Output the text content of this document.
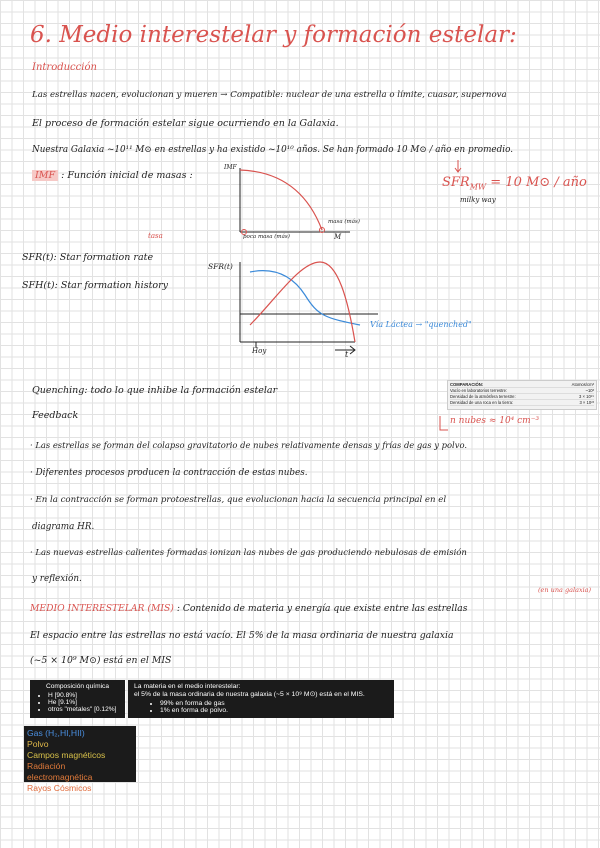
6. Medio interestelar y formación estelar:
Introducción
Las estrellas nacen, evolucionan y mueren → Compatible: nuclear de una estrella o límite, cuasar, supernova
El proceso de formación estelar sigue ocurriendo en la Galaxia.
Nuestra Galaxia ~10¹¹ M⊙ en estrellas y ha existido ~10¹⁰ años. Se han formado 10 M⊙ / año en promedio.
IMF : Función inicial de masas :	$SFR_{MW} = 10$ M⊙ / año
milky way
SFR(t): Star formation rate
tasa
SFH(t): Star formation history
IMF
poca masa (más)
masa (más)
M
SFR(t)
Hoy	t
Vía Láctea → "quenched"
Quenching: todo lo que inhibe la formación estelar
COMPARACIÓN:	Atomos/cm³
Vacío en laboratorios terrestre:	~10³
Densidad de la atmósfera terrestre:	3 × 10¹⁹
Densidad de una roca en la tierra:	3 × 10²³
n nubes ≈ 10⁴ cm⁻³
Feedback
· Las estrellas se forman del colapso gravitatorio de nubes relativamente densas y frías de gas y polvo.
· Diferentes procesos producen la contracción de estas nubes.
· En la contracción se forman protoestrellas, que evolucionan hacia la secuencia principal en el
diagrama HR.
· Las nuevas estrellas calientes formadas ionizan las nubes de gas produciendo nebulosas de emisión
y reflexión.
(en una galaxia)
MEDIO INTERESTELAR (MIS) : Contenido de materia y energía que existe entre las estrellas
El espacio entre las estrellas no está vacío. El 5% de la masa ordinaria de nuestra galaxia
(~5 × 10⁹ M⊙) está en el MIS
Composición química
• H [90.8%]
• He [9.1%]
• otros "metales" [0.12%]
La materia en el medio interestelar:
el 5% de la masa ordinaria de nuestra galaxia (~5 × 10⁹ M⊙) está en el MIS.
• 99% en forma de gas
• 1% en forma de polvo.
Gas (H₂,HI,HII)
Polvo
Campos magnéticos
Radiación electromagnética
Rayos Cósmicos
